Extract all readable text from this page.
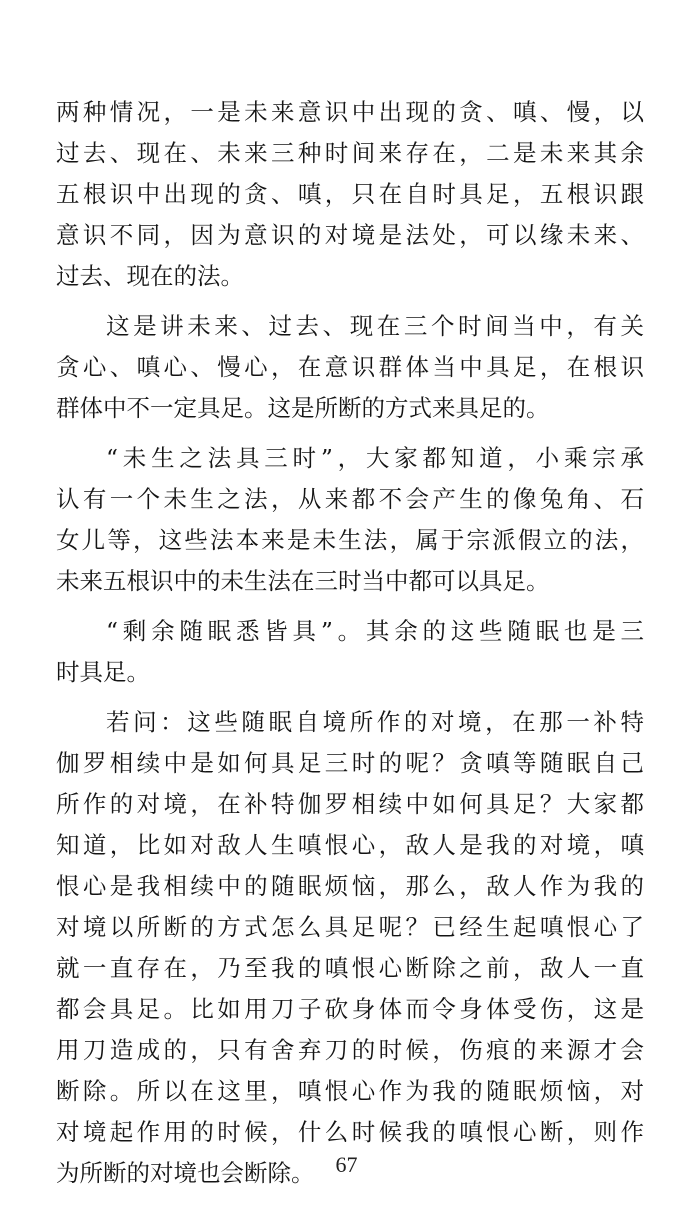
两种情况，一是未来意识中出现的贪、嗔、慢，以
过去、现在、未来三种时间来存在，二是未来其余
五根识中出现的贪、嗔，只在自时具足，五根识跟
意识不同，因为意识的对境是法处，可以缘未来、
过去、现在的法。
这是讲未来、过去、现在三个时间当中，有关
贪心、嗔心、慢心，在意识群体当中具足，在根识
群体中不一定具足。这是所断的方式来具足的。
“未生之法具三时”，大家都知道，小乘宗承
认有一个未生之法，从来都不会产生的像兔角、石
女儿等，这些法本来是未生法，属于宗派假立的法，
未来五根识中的未生法在三时当中都可以具足。
“剩余随眠悉皆具”。其余的这些随眠也是三
时具足。
若问：这些随眠自境所作的对境，在那一补特
伽罗相续中是如何具足三时的呢？贪嗔等随眠自己
所作的对境，在补特伽罗相续中如何具足？大家都
知道，比如对敌人生嗔恨心，敌人是我的对境，嗔
恨心是我相续中的随眠烦恼，那么，敌人作为我的
对境以所断的方式怎么具足呢？已经生起嗔恨心了
就一直存在，乃至我的嗔恨心断除之前，敌人一直
都会具足。比如用刀子砍身体而令身体受伤，这是
用刀造成的，只有舍弃刀的时候，伤痕的来源才会
断除。所以在这里，嗔恨心作为我的随眠烦恼，对
对境起作用的时候，什么时候我的嗔恨心断，则作
为所断的对境也会断除。 67
